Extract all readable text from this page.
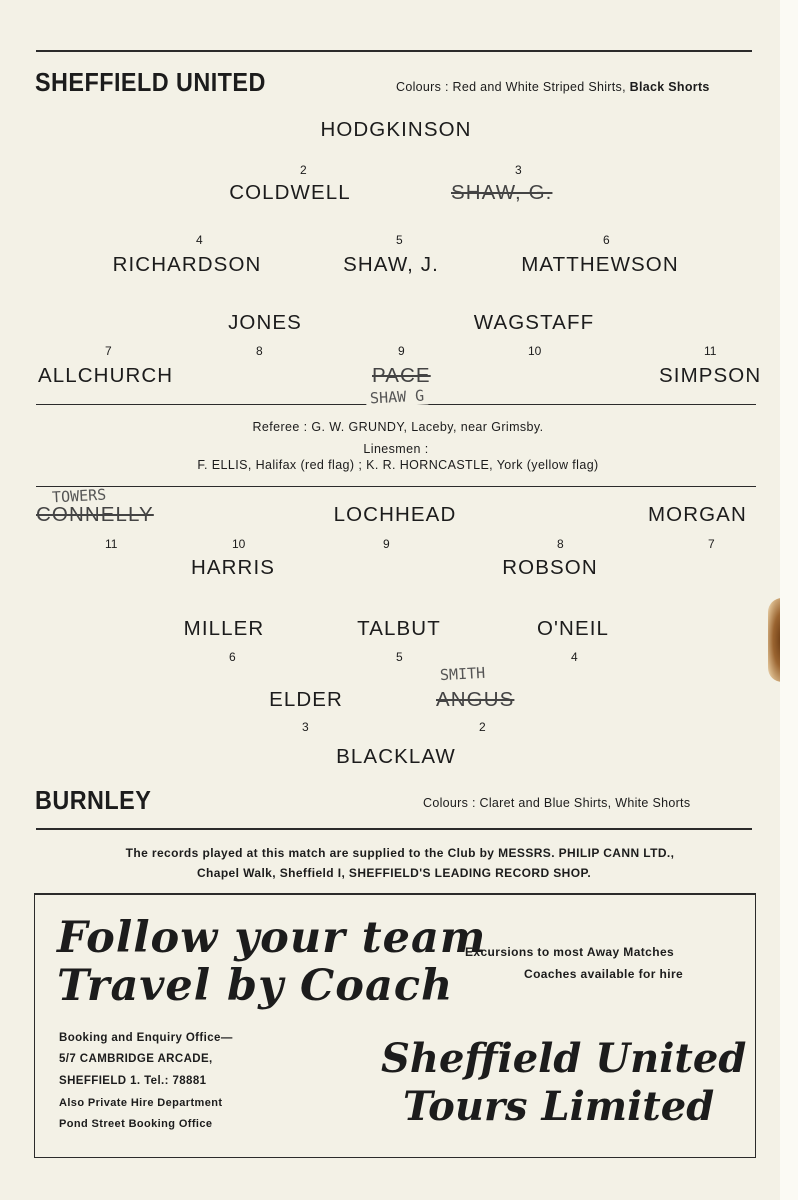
SHEFFIELD UNITED	Colours : Red and White Striped Shirts, Black Shorts
HODGKINSON
2
COLDWELL
3
SHAW, G.
4
RICHARDSON
5
SHAW, J.
6
MATTHEWSON
JONES	WAGSTAFF
7	8	9	10	11
ALLCHURCH	PACE	SIMPSON
SHAW G
Referee : G. W. GRUNDY, Laceby, near Grimsby.
Linesmen :
F. ELLIS, Halifax (red flag) ; K. R. HORNCASTLE, York (yellow flag)
TOWERS
CONNELLY	LOCHHEAD	MORGAN
11	10	9	8	7
HARRIS	ROBSON
MILLER	TALBUT	O'NEIL
6	5	4
SMITH
ELDER	ANGUS
3	2
BLACKLAW
BURNLEY	Colours : Claret and Blue Shirts, White Shorts
The records played at this match are supplied to the Club by MESSRS. PHILIP CANN LTD.,
Chapel Walk, Sheffield I, SHEFFIELD'S LEADING RECORD SHOP.
Follow your team
Travel by Coach
Excursions to most Away Matches
Coaches available for hire
Booking and Enquiry Office—
5/7 CAMBRIDGE ARCADE,
SHEFFIELD 1. Tel.: 78881
Also Private Hire Department
Pond Street Booking Office
Sheffield United
Tours Limited
